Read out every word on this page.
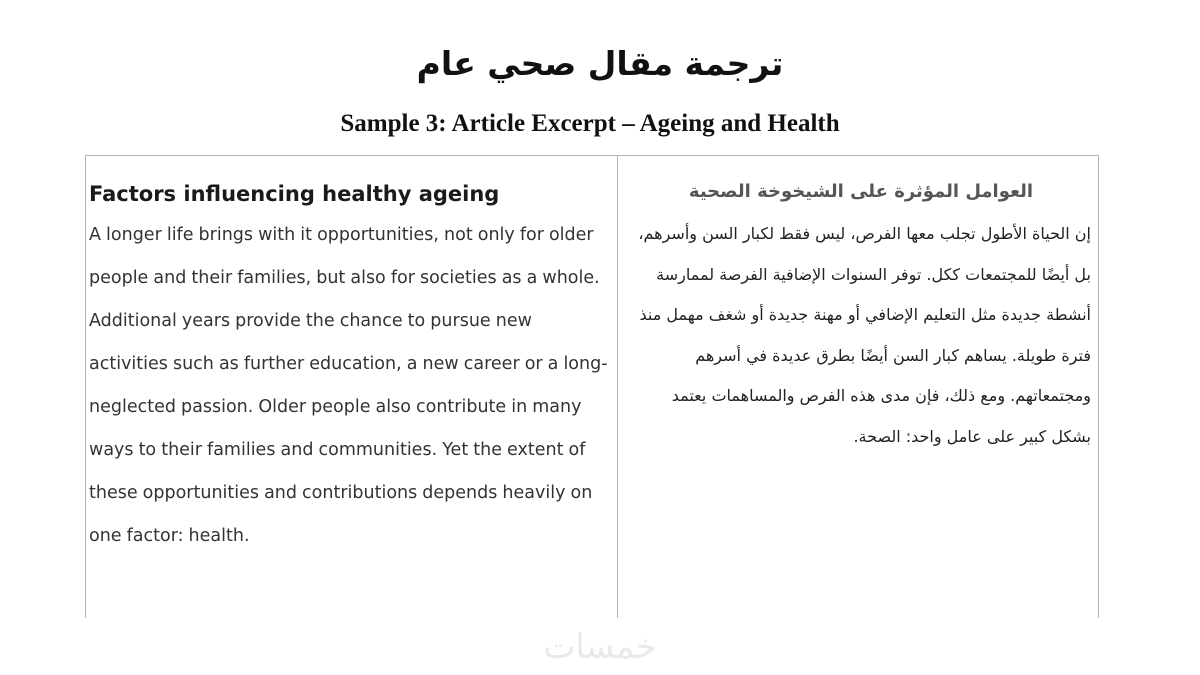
ترجمة مقال صحي عام
Sample 3: Article Excerpt – Ageing and Health

Factors influencing healthy ageing

A longer life brings with it opportunities, not only for older people and their families, but also for societies as a whole. Additional years provide the chance to pursue new activities such as further education, a new career or a long-neglected passion. Older people also contribute in many ways to their families and communities. Yet the extent of these opportunities and contributions depends heavily on one factor: health.

العوامل المؤثرة على الشيخوخة الصحية

إن الحياة الأطول تجلب معها الفرص، ليس فقط لكبار السن وأسرهم، بل أيضًا للمجتمعات ككل. توفر السنوات الإضافية الفرصة لممارسة أنشطة جديدة مثل التعليم الإضافي أو مهنة جديدة أو شغف مهمل منذ فترة طويلة. يساهم كبار السن أيضًا بطرق عديدة في أسرهم ومجتمعاتهم. ومع ذلك، فإن مدى هذه الفرص والمساهمات يعتمد بشكل كبير على عامل واحد: الصحة.

خمسات
